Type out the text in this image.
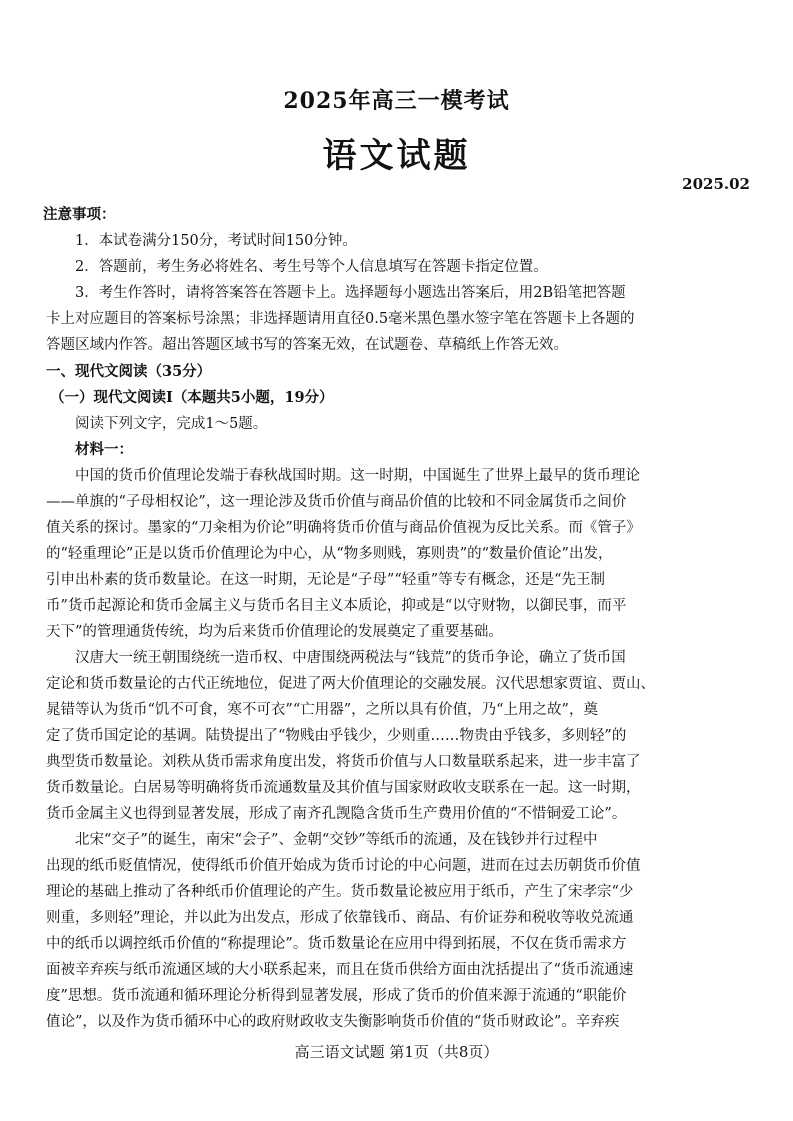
2025年高三一模考试
语文试题
2025.02
注意事项：
1．本试卷满分150分，考试时间150分钟。
2．答题前，考生务必将姓名、考生号等个人信息填写在答题卡指定位置。
3．考生作答时，请将答案答在答题卡上。选择题每小题选出答案后，用2B铅笔把答题
卡上对应题目的答案标号涂黑；非选择题请用直径0.5毫米黑色墨水签字笔在答题卡上各题的
答题区域内作答。超出答题区域书写的答案无效，在试题卷、草稿纸上作答无效。
一、现代文阅读（35分）
（一）现代文阅读Ⅰ（本题共5小题，19分）
阅读下列文字，完成1～5题。
材料一：
中国的货币价值理论发端于春秋战国时期。这一时期，中国诞生了世界上最早的货币理论
——单旗的“子母相权论”，这一理论涉及货币价值与商品价值的比较和不同金属货币之间价
值关系的探讨。墨家的“刀籴相为价论”明确将货币价值与商品价值视为反比关系。而《管子》
的“轻重理论”正是以货币价值理论为中心，从“物多则贱，寡则贵”的“数量价值论”出发，
引申出朴素的货币数量论。在这一时期，无论是“子母”“轻重”等专有概念，还是“先王制
币”货币起源论和货币金属主义与货币名目主义本质论，抑或是“以守财物，以御民事，而平
天下”的管理通货传统，均为后来货币价值理论的发展奠定了重要基础。
汉唐大一统王朝围绕统一造币权、中唐围绕两税法与“钱荒”的货币争论，确立了货币国
定论和货币数量论的古代正统地位，促进了两大价值理论的交融发展。汉代思想家贾谊、贾山、
晁错等认为货币“饥不可食，寒不可衣”“亡用器”，之所以具有价值，乃“上用之故”，奠
定了货币国定论的基调。陆贽提出了“物贱由乎钱少，少则重……物贵由乎钱多，多则轻”的
典型货币数量论。刘秩从货币需求角度出发，将货币价值与人口数量联系起来，进一步丰富了
货币数量论。白居易等明确将货币流通数量及其价值与国家财政收支联系在一起。这一时期，
货币金属主义也得到显著发展，形成了南齐孔觊隐含货币生产费用价值的“不惜铜爱工论”。
北宋“交子”的诞生，南宋“会子”、金朝“交钞”等纸币的流通，及在钱钞并行过程中
出现的纸币贬值情况，使得纸币价值开始成为货币讨论的中心问题，进而在过去历朝货币价值
理论的基础上推动了各种纸币价值理论的产生。货币数量论被应用于纸币，产生了宋孝宗“少
则重，多则轻”理论，并以此为出发点，形成了依靠钱币、商品、有价证券和税收等收兑流通
中的纸币以调控纸币价值的“称提理论”。货币数量论在应用中得到拓展，不仅在货币需求方
面被辛弃疾与纸币流通区域的大小联系起来，而且在货币供给方面由沈括提出了“货币流通速
度”思想。货币流通和循环理论分析得到显著发展，形成了货币的价值来源于流通的“职能价
值论”，以及作为货币循环中心的政府财政收支失衡影响货币价值的“货币财政论”。辛弃疾
高三语文试题 第1页（共8页）
